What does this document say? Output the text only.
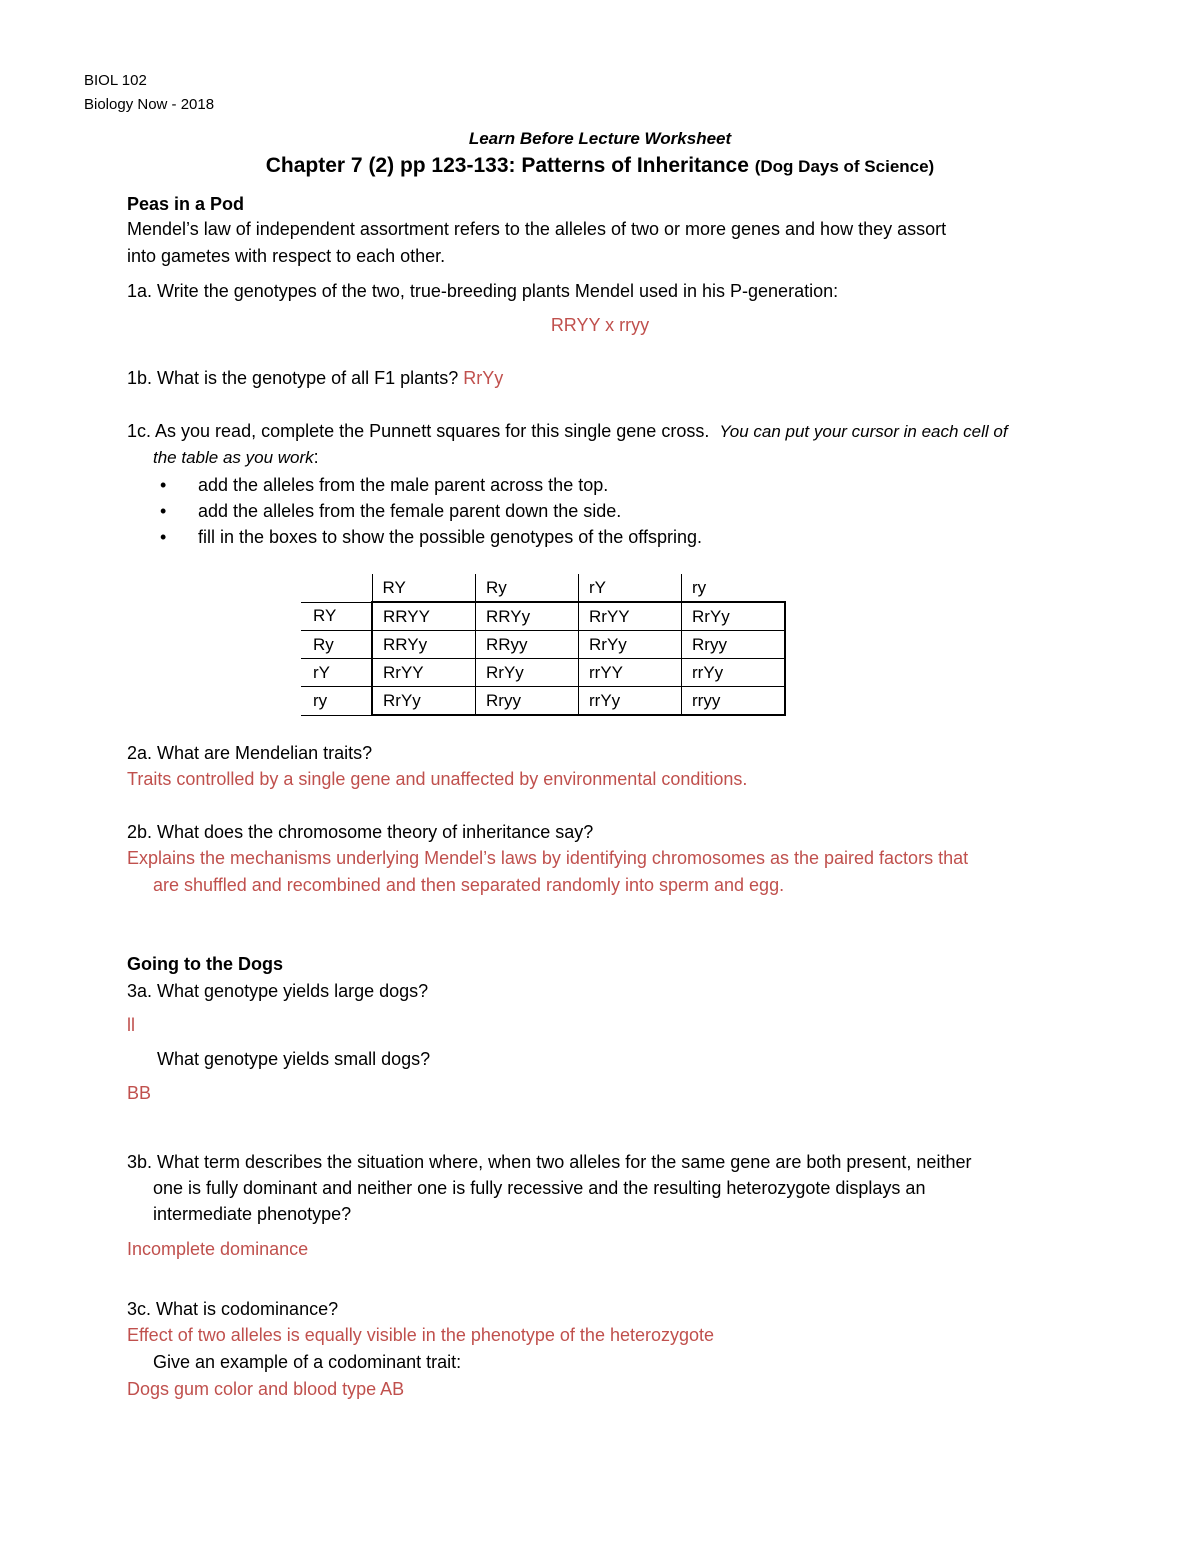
BIOL 102
Biology Now - 2018
Learn Before Lecture Worksheet
Chapter 7 (2) pp 123-133: Patterns of Inheritance (Dog Days of Science)
Peas in a Pod
Mendel’s law of independent assortment refers to the alleles of two or more genes and how they assort
into gametes with respect to each other.
1a. Write the genotypes of the two, true-breeding plants Mendel used in his P-generation:
RRYY x rryy
1b. What is the genotype of all F1 plants? RrYy
1c. As you read, complete the Punnett squares for this single gene cross. You can put your cursor in each cell of
the table as you work:
• add the alleles from the male parent across the top.
• add the alleles from the female parent down the side.
• fill in the boxes to show the possible genotypes of the offspring.
	RY	Ry	rY	ry
RY	RRYY	RRYy	RrYY	RrYy
Ry	RRYy	RRyy	RrYy	Rryy
rY	RrYY	RrYy	rrYY	rrYy
ry	RrYy	Rryy	rrYy	rryy
2a. What are Mendelian traits?
Traits controlled by a single gene and unaffected by environmental conditions.
2b. What does the chromosome theory of inheritance say?
Explains the mechanisms underlying Mendel’s laws by identifying chromosomes as the paired factors that
are shuffled and recombined and then separated randomly into sperm and egg.
Going to the Dogs
3a. What genotype yields large dogs?
ll
What genotype yields small dogs?
BB
3b. What term describes the situation where, when two alleles for the same gene are both present, neither
one is fully dominant and neither one is fully recessive and the resulting heterozygote displays an
intermediate phenotype?
Incomplete dominance
3c. What is codominance?
Effect of two alleles is equally visible in the phenotype of the heterozygote
Give an example of a codominant trait:
Dogs gum color and blood type AB
